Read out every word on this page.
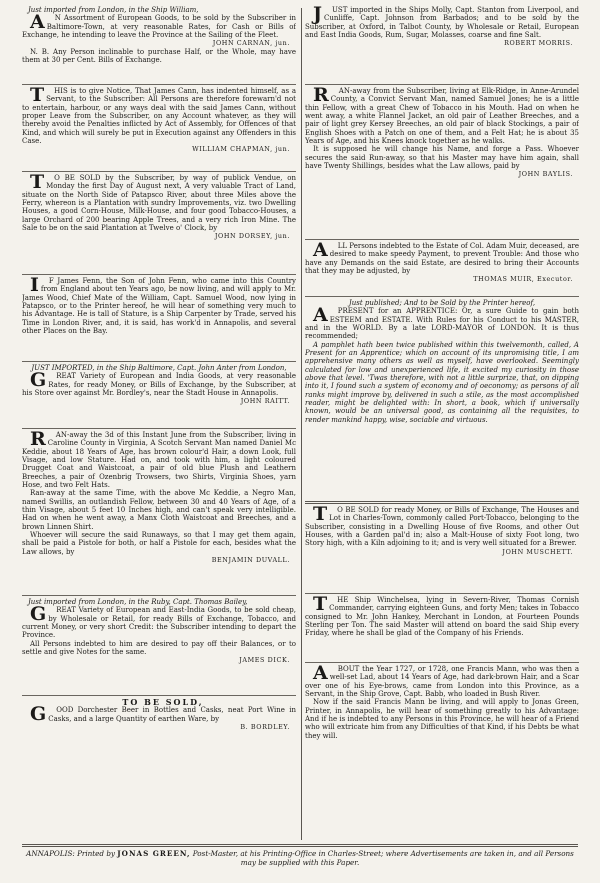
Just imported from London, in the Ship William,

A N Assortment of European Goods, to be sold by the Subscriber in Baltimore-Town, at very reasonable Rates, for Cash or Bills of Exchange, he intending to leave the Province at the Sailing of the Fleet.

JOHN CARNAN, jun.

N. B. Any Person inclinable to purchase Half, or the Whole, may have them at 30 per Cent. Bills of Exchange.

T HIS is to give Notice, That James Cann, has indented himself, as a Servant, to the Subscriber: All Persons are therefore forewarn'd not to entertain, harbour, or any ways deal with the said James Cann, without proper Leave from the Subscriber, on any Account whatever, as they will thereby avoid the Penalties inflicted by Act of Assembly, for Offences of that Kind, and which will surely be put in Execution against any Offenders in this Case.

WILLIAM CHAPMAN, jun.

T O BE SOLD by the Subscriber, by way of publick Vendue, on Monday the first Day of August next, A very valuable Tract of Land, situate on the North Side of Patapsco River, about three Miles above the Ferry, whereon is a Plantation with sundry Improvements, viz. two Dwelling Houses, a good Corn-House, Milk-House, and four good Tobacco-Houses, a large Orchard of 200 bearing Apple Trees, and a very rich Iron Mine. The Sale to be on the said Plantation at Twelve o' Clock, by

JOHN DORSEY, jun.

I F James Fenn, the Son of John Fenn, who came into this Country from England about ten Years ago, be now living, and will apply to Mr. James Wood, Chief Mate of the William, Capt. Samuel Wood, now lying in Patapsco, or to the Printer hereof, he will hear of something very much to his Advantage. He is tall of Stature, is a Ship Carpenter by Trade, served his Time in London River, and, it is said, has work'd in Annapolis, and several other Places on the Bay.

JUST IMPORTED, in the Ship Baltimore, Capt. John Anter from London,

G REAT Variety of European and India Goods, at very reasonable Rates, for ready Money, or Bills of Exchange, by the Subscriber, at his Store over against Mr. Bordley's, near the Stadt House in Annapolis.

JOHN RAITT.

R AN-away the 3d of this Instant June from the Subscriber, living in Caroline County in Virginia, A Scotch Servant Man named Daniel Mc Keddie, about 18 Years of Age, has brown colour'd Hair, a down Look, full Visage, and low Stature. Had on, and took with him, a light coloured Drugget Coat and Waistcoat, a pair of old blue Plush and Leathern Breeches, a pair of Ozenbrig Trowsers, two Shirts, Virginia Shoes, yarn Hose, and two Felt Hats.

Ran-away at the same Time, with the above Mc Keddie, a Negro Man, named Swillis, an outlandish Fellow, between 30 and 40 Years of Age, of a thin Visage, about 5 feet 10 Inches high, and can't speak very intelligible. Had on when he went away, a Manx Cloth Waistcoat and Breeches, and a brown Linnen Shirt.

Whoever will secure the said Runaways, so that I may get them again, shall be paid a Pistole for both, or half a Pistole for each, besides what the Law allows, by

BENJAMIN DUVALL.

Just imported from London, in the Ruby, Capt. Thomas Bailey,

G REAT Variety of European and East-India Goods, to be sold cheap, by Wholesale or Retail, for ready Bills of Exchange, Tobacco, and current Money, or very short Credit: the Subscriber intending to depart the Province.

All Persons indebted to him are desired to pay off their Balances, or to settle and give Notes for the same.

JAMES DICK.

TO BE SOLD,

G OOD Dorchester Beer in Bottles and Casks, neat Port Wine in Casks, and a large Quantity of earthen Ware, by

B. BORDLEY.

J UST imported in the Ships Molly, Capt. Stanton from Liverpool, and Cunliffe, Capt. Johnson from Barbados; and to be sold by the Subscriber, at Oxford, in Talbot County, by Wholesale or Retail, European and East India Goods, Rum, Sugar, Molasses, coarse and fine Salt.

ROBERT MORRIS.

R AN-away from the Subscriber, living at Elk-Ridge, in Anne-Arundel County, a Convict Servant Man, named Samuel Jones; he is a little thin Fellow, with a great Chew of Tobacco in his Mouth. Had on when he went away, a white Flannel Jacket, an old pair of Leather Breeches, and a pair of light grey Kersey Breeches, an old pair of black Stockings, a pair of English Shoes with a Patch on one of them, and a Felt Hat; he is about 35 Years of Age, and his Knees knock together as he walks.

It is supposed he will change his Name, and forge a Pass. Whoever secures the said Run-away, so that his Master may have him again, shall have Twenty Shillings, besides what the Law allows, paid by

JOHN BAYLIS.

A LL Persons indebted to the Estate of Col. Adam Muir, deceased, are desired to make speedy Payment, to prevent Trouble: And those who have any Demands on the said Estate, are desired to bring their Accounts that they may be adjusted, by

THOMAS MUIR, Executor.

Just published; And to be Sold by the Printer hereof,

A PRESENT for an APPRENTICE: Or, a sure Guide to gain both ESTEEM and ESTATE. With Rules for his Conduct to his MASTER, and in the WORLD. By a late LORD-MAYOR of LONDON. It is thus recommended;

A pamphlet hath been twice published within this twelvemonth, called, A Present for an Apprentice; which on account of its unpromising title, I am apprehensive many others as well as myself, have overlooked. Seemingly calculated for low and unexperienced life, it excited my curiosity in those above that level. 'Twas therefore, with not a little surprize, that, on dipping into it, I found such a system of economy and of oeconomy; as persons of all ranks might improve by, delivered in such a stile, as the most accomplished reader, might be delighted with: In short, a book, which if universally known, would be an universal good, as containing all the requisites, to render mankind happy, wise, sociable and virtuous.

T O BE SOLD for ready Money, or Bills of Exchange, The Houses and Lot in Charles-Town, commonly called Port-Tobacco, belonging to the Subscriber, consisting in a Dwelling House of five Rooms, and other Out Houses, with a Garden pal'd in; also a Malt-House of sixty Foot long, two Story high, with a Kiln adjoining to it; and is very well situated for a Brewer.

JOHN MUSCHETT.

T HE Ship Winchelsea, lying in Severn-River, Thomas Cornish Commander, carrying eighteen Guns, and forty Men; takes in Tobacco consigned to Mr. John Hankey, Merchant in London, at Fourteen Pounds Sterling per Ton. The said Master will attend on board the said Ship every Friday, where he shall be glad of the Company of his Friends.

A BOUT the Year 1727, or 1728, one Francis Mann, who was then a well-set Lad, about 14 Years of Age, had dark-brown Hair, and a Scar over one of his Eye-brows, came from London into this Province, as a Servant, in the Ship Grove, Capt. Babb, who loaded in Bush River.

Now if the said Francis Mann be living, and will apply to Jonas Green, Printer, in Annapolis, he will hear of something greatly to his Advantage: And if he is indebted to any Persons in this Province, he will hear of a Friend who will extricate him from any Difficulties of that Kind, if his Debts be what they will.

ANNAPOLIS: Printed by JONAS GREEN, Post-Master, at his Printing-Office in Charles-Street; where Advertisements are taken in, and all Persons may be supplied with this Paper.
